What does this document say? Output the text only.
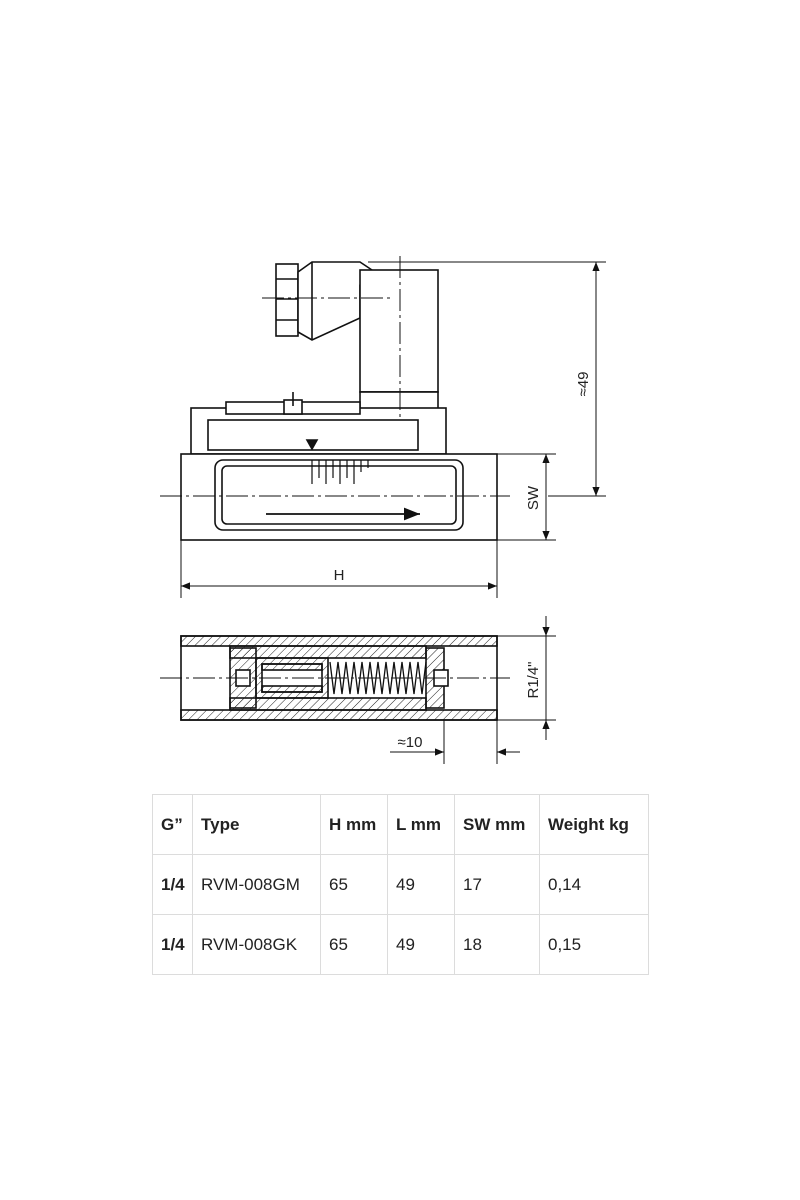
≈49
SW
H
R1/4"
≈10
G”	Type	H mm	L mm	SW mm	Weight kg
1/4	RVM-008GM	65	49	17	0,14
1/4	RVM-008GK	65	49	18	0,15
